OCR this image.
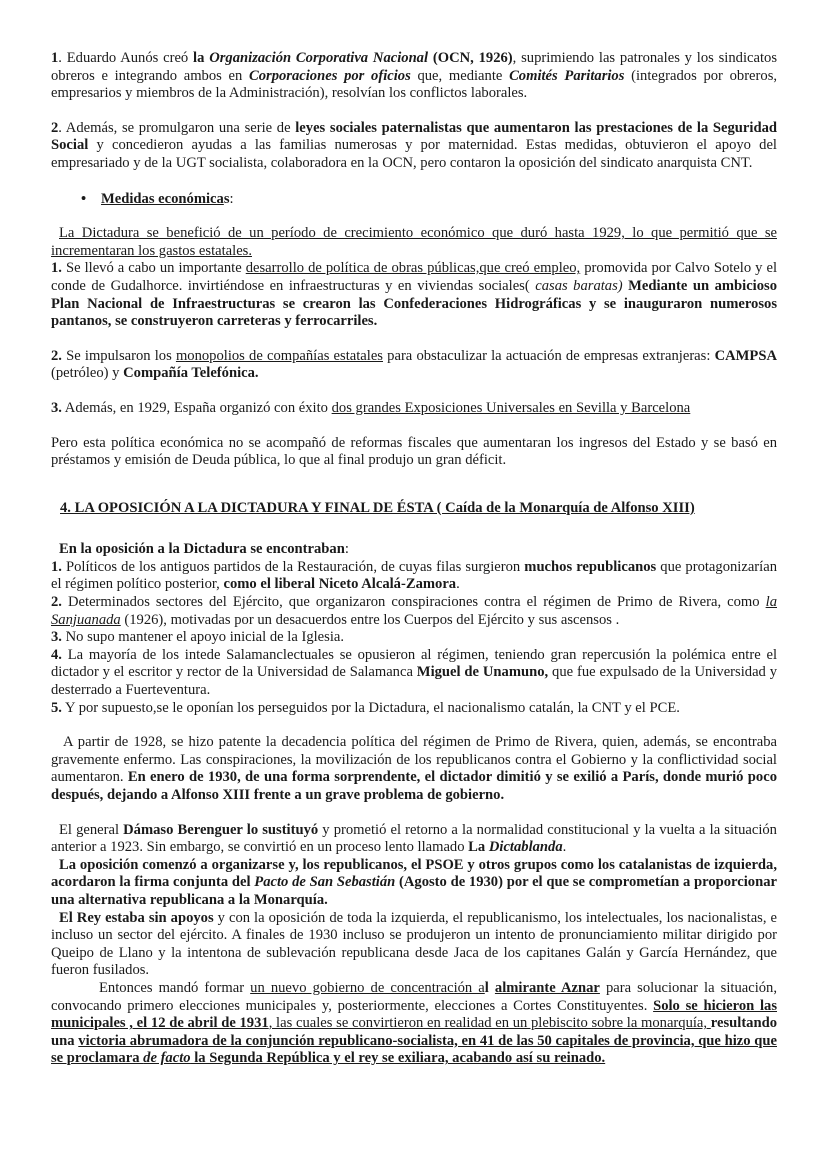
1. Eduardo Aunós creó la Organización Corporativa Nacional (OCN, 1926), suprimiendo las patronales y los sindicatos obreros e integrando ambos en Corporaciones por oficios que, mediante Comités Paritarios (integrados por obreros, empresarios y miembros de la Administración), resolvían los conflictos laborales.

2. Además, se promulgaron una serie de leyes sociales paternalistas que aumentaron las prestaciones de la Seguridad Social y concedieron ayudas a las familias numerosas y por maternidad. Estas medidas, obtuvieron el apoyo del empresariado y de la UGT socialista, colaboradora en la OCN, pero contaron la oposición del sindicato anarquista CNT.

• Medidas económicas:

La Dictadura se benefició de un período de crecimiento económico que duró hasta 1929, lo que permitió que se incrementaran los gastos estatales.

1. Se llevó a cabo un importante desarrollo de política de obras públicas,que creó empleo, promovida por Calvo Sotelo y el conde de Gudalhorce. invirtiéndose en infraestructuras y en viviendas sociales( casas baratas) Mediante un ambicioso Plan Nacional de Infraestructuras se crearon las Confederaciones Hidrográficas y se inauguraron numerosos pantanos, se construyeron carreteras y ferrocarriles.

2. Se impulsaron los monopolios de compañías estatales para obstaculizar la actuación de empresas extranjeras: CAMPSA (petróleo) y Compañía Telefónica.

3. Además, en 1929, España organizó con éxito dos grandes Exposiciones Universales en Sevilla y Barcelona

Pero esta política económica no se acompañó de reformas fiscales que aumentaran los ingresos del Estado y se basó en préstamos y emisión de Deuda pública, lo que al final produjo un gran déficit.

4. LA OPOSICIÓN A LA DICTADURA Y FINAL DE ÉSTA ( Caída de la Monarquía de Alfonso XIII)

En la oposición a la Dictadura se encontraban:

1. Políticos de los antiguos partidos de la Restauración, de cuyas filas surgieron muchos republicanos que protagonizarían el régimen político posterior, como el liberal Niceto Alcalá-Zamora.

2. Determinados sectores del Ejército, que organizaron conspiraciones contra el régimen de Primo de Rivera, como la Sanjuanada (1926), motivadas por un desacuerdos entre los Cuerpos del Ejército y sus ascensos .

3. No supo mantener el apoyo inicial de la Iglesia.

4. La mayoría de los intede Salamanclectuales se opusieron al régimen, teniendo gran repercusión la polémica entre el dictador y el escritor y rector de la Universidad de Salamanca Miguel de Unamuno, que fue expulsado de la Universidad y desterrado a Fuerteventura.

5. Y por supuesto,se le oponían los perseguidos por la Dictadura, el nacionalismo catalán, la CNT y el PCE.

A partir de 1928, se hizo patente la decadencia política del régimen de Primo de Rivera, quien, además, se encontraba gravemente enfermo. Las conspiraciones, la movilización de los republicanos contra el Gobierno y la conflictividad social aumentaron. En enero de 1930, de una forma sorprendente, el dictador dimitió y se exilió a París, donde murió poco después, dejando a Alfonso XIII frente a un grave problema de gobierno.

El general Dámaso Berenguer lo sustituyó y prometió el retorno a la normalidad constitucional y la vuelta a la situación anterior a 1923. Sin embargo, se convirtió en un proceso lento llamado La Dictablanda.

La oposición comenzó a organizarse y, los republicanos, el PSOE y otros grupos como los catalanistas de izquierda, acordaron la firma conjunta del Pacto de San Sebastián (Agosto de 1930) por el que se comprometían a proporcionar una alternativa republicana a la Monarquía.

El Rey estaba sin apoyos y con la oposición de toda la izquierda, el republicanismo, los intelectuales, los nacionalistas, e incluso un sector del ejército. A finales de 1930 incluso se produjeron un intento de pronunciamiento militar dirigido por Queipo de Llano y la intentona de sublevación republicana desde Jaca de los capitanes Galán y García Hernández, que fueron fusilados.

Entonces mandó formar un nuevo gobierno de concentración al almirante Aznar para solucionar la situación, convocando primero elecciones municipales y, posteriormente, elecciones a Cortes Constituyentes. Solo se hicieron las municipales , el 12 de abril de 1931, las cuales se convirtieron en realidad en un plebiscito sobre la monarquía, resultando una victoria abrumadora de la conjunción republicano-socialista, en 41 de las 50 capitales de provincia, que hizo que se proclamara de facto la Segunda República y el rey se exiliara, acabando así su reinado.
